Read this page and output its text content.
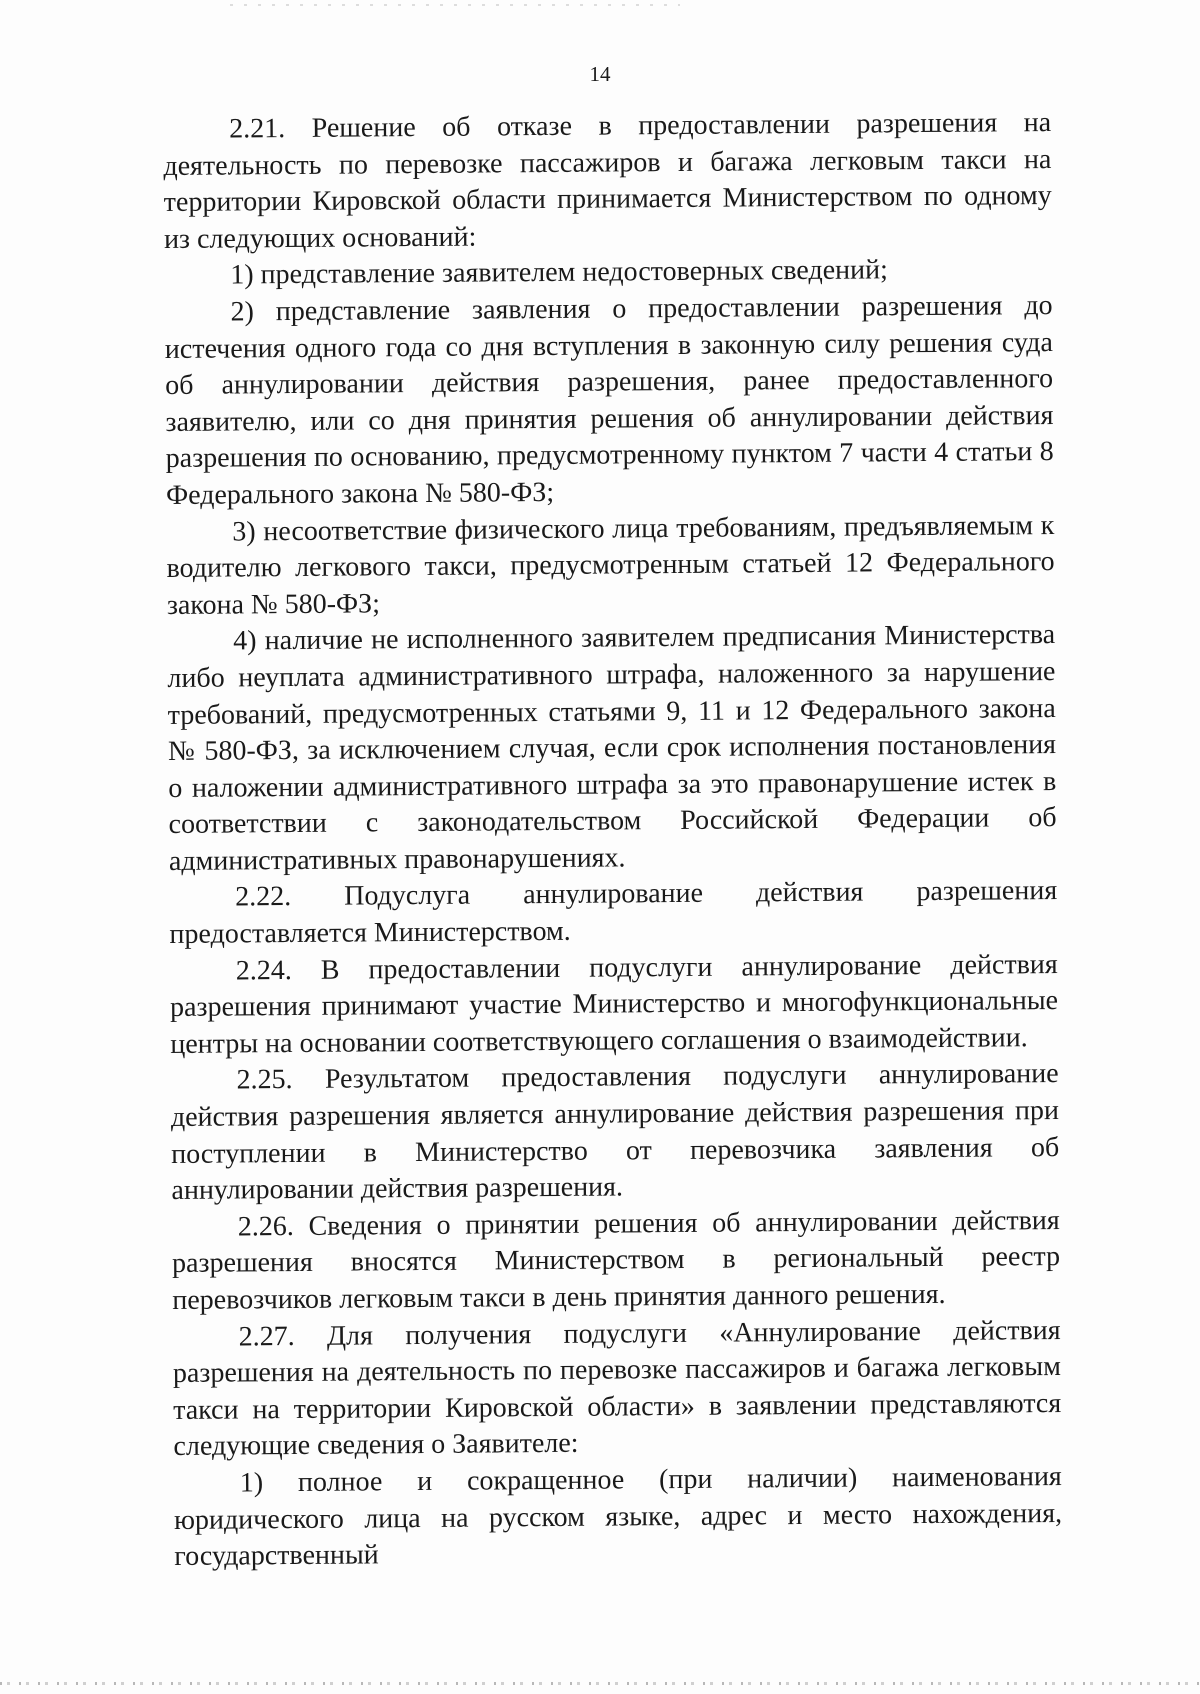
14

2.21. Решение об отказе в предоставлении разрешения на деятельность по перевозке пассажиров и багажа легковым такси на территории Кировской области принимается Министерством по одному из следующих оснований:

1) представление заявителем недостоверных сведений;

2) представление заявления о предоставлении разрешения до истечения одного года со дня вступления в законную силу решения суда об аннулировании действия разрешения, ранее предоставленного заявителю, или со дня принятия решения об аннулировании действия разрешения по основанию, предусмотренному пунктом 7 части 4 статьи 8 Федерального закона № 580-ФЗ;

3) несоответствие физического лица требованиям, предъявляемым к водителю легкового такси, предусмотренным статьей 12 Федерального закона № 580-ФЗ;

4) наличие не исполненного заявителем предписания Министерства либо неуплата административного штрафа, наложенного за нарушение требований, предусмотренных статьями 9, 11 и 12 Федерального закона № 580-ФЗ, за исключением случая, если срок исполнения постановления о наложении административного штрафа за это правонарушение истек в соответствии с законодательством Российской Федерации об административных правонарушениях.

2.22. Подуслуга аннулирование действия разрешения предоставляется Министерством.

2.24. В предоставлении подуслуги аннулирование действия разрешения принимают участие Министерство и многофункциональные центры на основании соответствующего соглашения о взаимодействии.

2.25. Результатом предоставления подуслуги аннулирование действия разрешения является аннулирование действия разрешения при поступлении в Министерство от перевозчика заявления об аннулировании действия разрешения.

2.26. Сведения о принятии решения об аннулировании действия разрешения вносятся Министерством в региональный реестр перевозчиков легковым такси в день принятия данного решения.

2.27. Для получения подуслуги «Аннулирование действия разрешения на деятельность по перевозке пассажиров и багажа легковым такси на территории Кировской области» в заявлении представляются следующие сведения о Заявителе:

1) полное и сокращенное (при наличии) наименования юридического лица на русском языке, адрес и место нахождения, государственный
